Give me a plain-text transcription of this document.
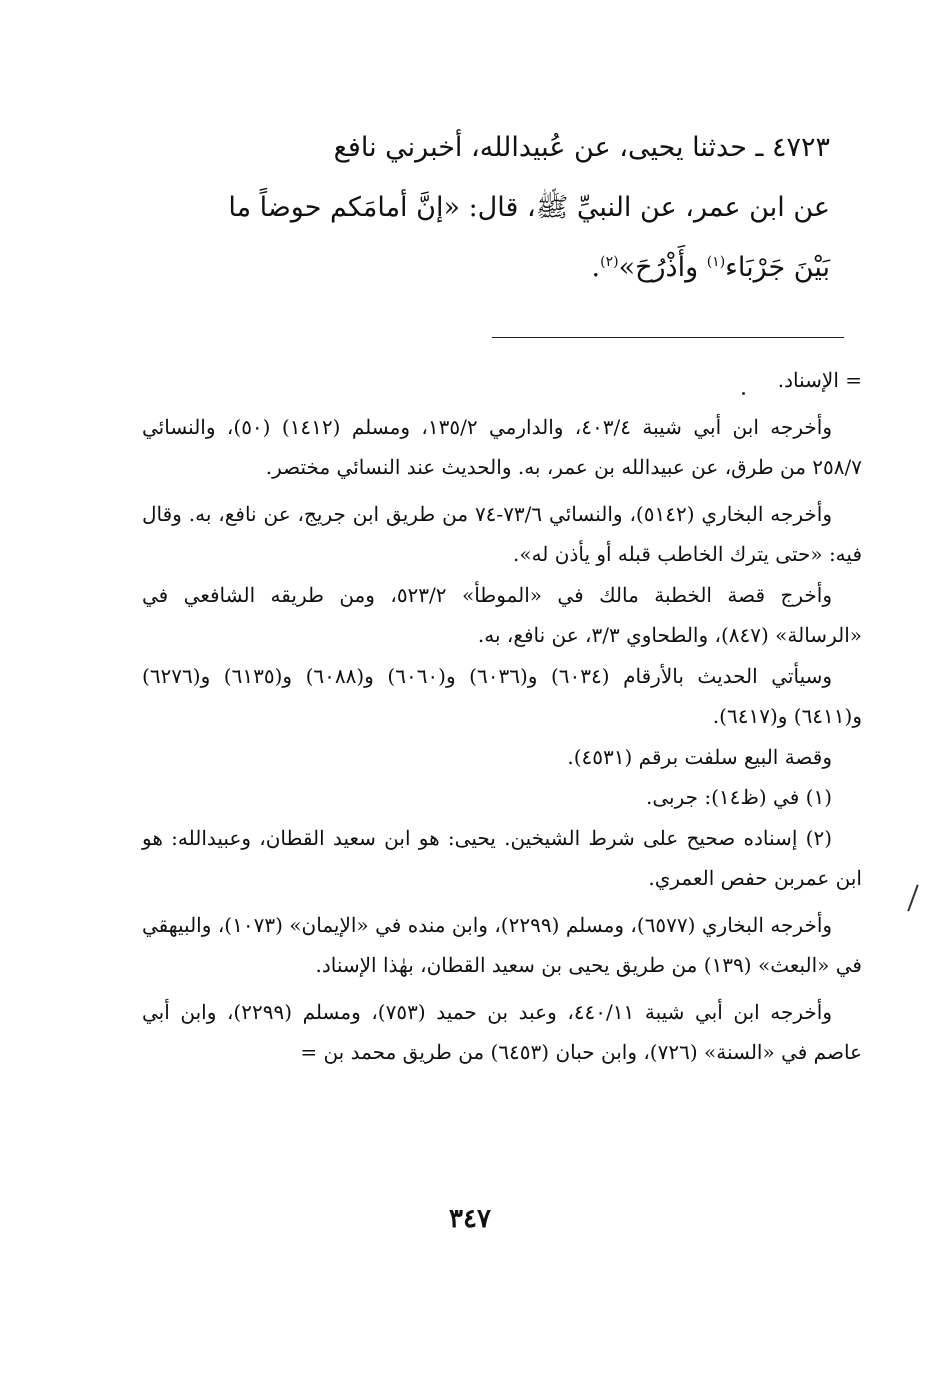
٤٧٢٣ ـ حدثنا يحيى، عن عُبيدالله، أخبرني نافع

عن ابن عمر، عن النبيِّ ﷺ، قال: «إنَّ أمامَكم حوضاً ما

بَيْنَ جَرْبَاء$^{(١)}$ وأَذْرُحَ»$^{(٢)}$.

= الإسناد.

وأخرجه ابن أبي شيبة ٤٠٣/٤، والدارمي ١٣٥/٢، ومسلم (١٤١٢) (٥٠)، والنسائي ٢٥٨/٧ من طرق، عن عبيدالله بن عمر، به. والحديث عند النسائي مختصر.

وأخرجه البخاري (٥١٤٢)، والنسائي ٧٣/٦-٧٤ من طريق ابن جريج، عن نافع، به. وقال فيه: «حتى يترك الخاطب قبله أو يأذن له».

وأخرج قصة الخطبة مالك في «الموطأ» ٥٢٣/٢، ومن طريقه الشافعي في «الرسالة» (٨٤٧)، والطحاوي ٣/٣، عن نافع، به.

وسيأتي الحديث بالأرقام (٦٠٣٤) و(٦٠٣٦) و(٦٠٦٠) و(٦٠٨٨) و(٦١٣٥) و(٦٢٧٦) و(٦٤١١) و(٦٤١٧).

وقصة البيع سلفت برقم (٤٥٣١).

(١) في (ظ١٤): جربى.

(٢) إسناده صحيح على شرط الشيخين. يحيى: هو ابن سعيد القطان، وعبيدالله: هو ابن عمربن حفص العمري.

وأخرجه البخاري (٦٥٧٧)، ومسلم (٢٢٩٩)، وابن منده في «الإيمان» (١٠٧٣)، والبيهقي في «البعث» (١٣٩) من طريق يحيى بن سعيد القطان، بهٰذا الإسناد.

وأخرجه ابن أبي شيبة ٤٤٠/١١، وعبد بن حميد (٧٥٣)، ومسلم (٢٢٩٩)، وابن أبي عاصم في «السنة» (٧٢٦)، وابن حبان (٦٤٥٣) من طريق محمد بن =

٣٤٧
